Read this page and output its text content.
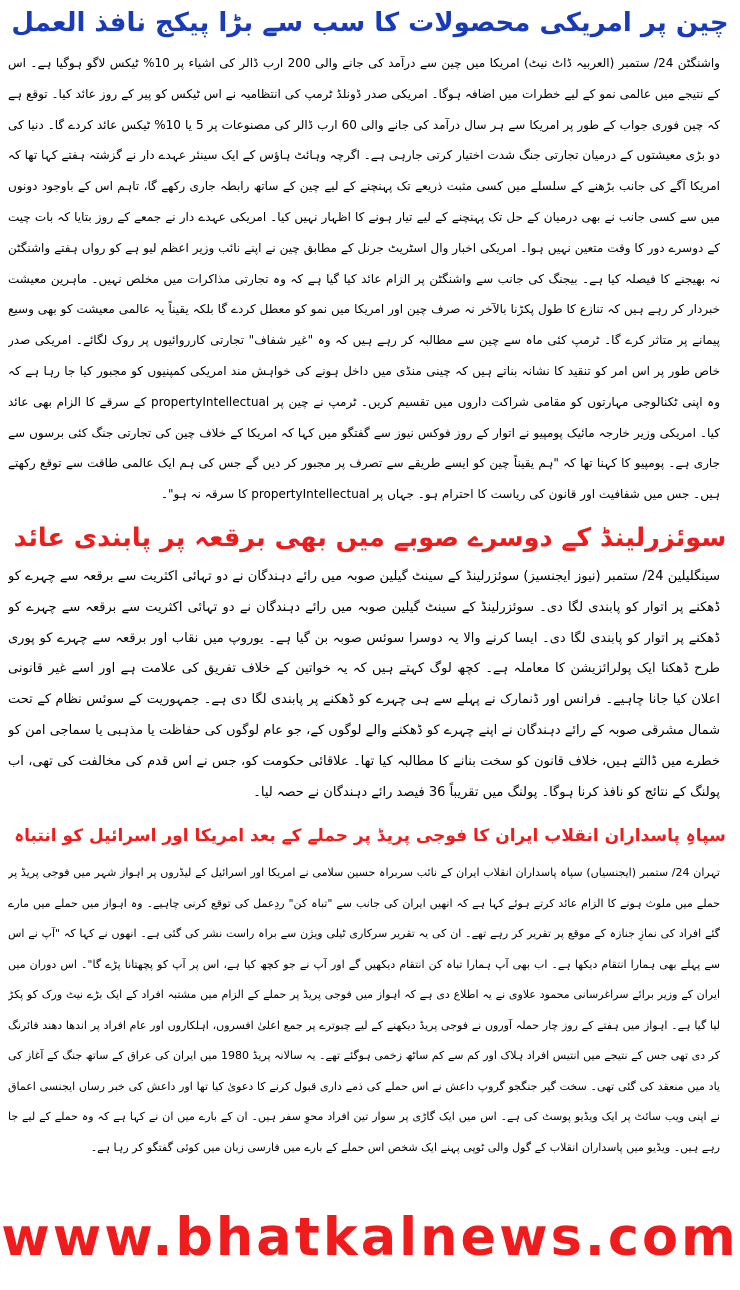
چین پر امریکی محصولات کا سب سے بڑا پیکج نافذ العمل

واشنگٹن 24/ ستمبر (العربیہ ڈاٹ نیٹ) امریکا میں چین سے درآمد کی جانے والی 200 ارب ڈالر کی اشیاء پر 10% ٹیکس لاگو ہوگیا ہے۔ اس کے نتیجے میں عالمی نمو کے لیے خطرات میں اضافہ ہوگا۔ امریکی صدر ڈونلڈ ٹرمپ کی انتظامیہ نے اس ٹیکس کو پیر کے روز عائد کیا۔ توقع ہے کہ چین فوری جواب کے طور پر امریکا سے ہر سال درآمد کی جانے والی 60 ارب ڈالر کی مصنوعات پر 5 یا 10% ٹیکس عائد کردے گا۔ دنیا کی دو بڑی معیشتوں کے درمیان تجارتی جنگ شدت اختیار کرتی جارہی ہے۔ اگرچہ وہائٹ ہاؤس کے ایک سینئر عہدے دار نے گزشتہ ہفتے کہا تھا کہ امریکا آگے کی جانب بڑھنے کے سلسلے میں کسی مثبت ذریعے تک پہنچنے کے لیے چین کے ساتھ رابطہ جاری رکھے گا، تاہم اس کے باوجود دونوں میں سے کسی جانب نے بھی درمیان کے حل تک پہنچنے کے لیے تیار ہونے کا اظہار نہیں کیا۔ امریکی عہدے دار نے جمعے کے روز بتایا کہ بات چیت کے دوسرے دور کا وقت متعین نہیں ہوا۔ امریکی اخبار وال اسٹریٹ جرنل کے مطابق چین نے اپنے نائب وزیر اعظم لیو ہے کو رواں ہفتے واشنگٹن نہ بھیجنے کا فیصلہ کیا ہے۔ بیجنگ کی جانب سے واشنگٹن پر الزام عائد کیا گیا ہے کہ وہ تجارتی مذاکرات میں مخلص نہیں۔ ماہرین معیشت خبردار کر رہے ہیں کہ تنازع کا طول پکڑنا بالآخر نہ صرف چین اور امریکا میں نمو کو معطل کردے گا بلکہ یقیناً یہ عالمی معیشت کو بھی وسیع پیمانے پر متاثر کرے گا۔ ٹرمپ کئی ماہ سے چین سے مطالبہ کر رہے ہیں کہ وہ "غیر شفاف" تجارتی کارروائیوں پر روک لگائے۔ امریکی صدر خاص طور پر اس امر کو تنقید کا نشانہ بناتے ہیں کہ چینی منڈی میں داخل ہونے کی خواہش مند امریکی کمپنیوں کو مجبور کیا جا رہا ہے کہ وہ اپنی ٹکنالوجی مہارتوں کو مقامی شراکت داروں میں تقسیم کریں۔ ٹرمپ نے چین پر propertyIntellectual کے سرقے کا الزام بھی عائد کیا۔ امریکی وزیر خارجہ مائیک پومپیو نے اتوار کے روز فوکس نیوز سے گفتگو میں کہا کہ امریکا کے خلاف چین کی تجارتی جنگ کئی برسوں سے جاری ہے۔ پومپیو کا کہنا تھا کہ "ہم یقیناً چین کو ایسے طریقے سے تصرف پر مجبور کر دیں گے جس کی ہم ایک عالمی طاقت سے توقع رکھتے ہیں۔ جس میں شفافیت اور قانون کی ریاست کا احترام ہو۔ جہاں پر propertyIntellectual کا سرقہ نہ ہو"۔

سوئزرلینڈ کے دوسرے صوبے میں بھی برقعہ پر پابندی عائد

سینگلیلین 24/ ستمبر (نیوز ایجنسیز) سوئزرلینڈ کے سینٹ گیلین صوبہ میں رائے دہندگان نے دو تہائی اکثریت سے برقعہ سے چہرے کو ڈھکنے پر اتوار کو پابندی لگا دی۔ سوئزرلینڈ کے سینٹ گیلین صوبہ میں رائے دہندگان نے دو تہائی اکثریت سے برقعہ سے چہرے کو ڈھکنے پر اتوار کو پابندی لگا دی۔ ایسا کرنے والا یہ دوسرا سوئس صوبہ بن گیا ہے۔ یوروپ میں نقاب اور برقعہ سے چہرے کو پوری طرح ڈھکنا ایک پولرائزیشن کا معاملہ ہے۔ کچھ لوگ کہتے ہیں کہ یہ خواتین کے خلاف تفریق کی علامت ہے اور اسے غیر قانونی اعلان کیا جانا چاہیے۔ فرانس اور ڈنمارک نے پہلے سے ہی چہرے کو ڈھکنے پر پابندی لگا دی ہے۔ جمہوریت کے سوئس نظام کے تحت شمال مشرقی صوبہ کے رائے دہندگان نے اپنے چہرے کو ڈھکنے والے لوگوں کے، جو عام لوگوں کی حفاظت یا مذہبی یا سماجی امن کو خطرے میں ڈالتے ہیں، خلاف قانون کو سخت بنانے کا مطالبہ کیا تھا۔ علاقائی حکومت کو، جس نے اس قدم کی مخالفت کی تھی، اب پولنگ کے نتائج کو نافذ کرنا ہوگا۔ پولنگ میں تقریباً 36 فیصد رائے دہندگان نے حصہ لیا۔

سپاہِ پاسداران انقلاب ایران کا فوجی پریڈ پر حملے کے بعد امریکا اور اسرائیل کو انتباہ

تہران 24/ ستمبر (ایجنسیاں) سپاہ پاسداران انقلاب ایران کے نائب سربراہ حسین سلامی نے امریکا اور اسرائیل کے لیڈروں پر اہواز شہر میں فوجی پریڈ پر حملے میں ملوث ہونے کا الزام عائد کرتے ہوئے کہا ہے کہ انھیں ایران کی جانب سے "تباہ کن" ردِعمل کی توقع کرنی چاہیے۔ وہ اہواز میں حملے میں مارے گئے افراد کی نمازِ جنازہ کے موقع پر تقریر کر رہے تھے۔ ان کی یہ تقریر سرکاری ٹیلی ویژن سے براہ راست نشر کی گئی ہے۔ انھوں نے کہا کہ "آپ نے اس سے پہلے بھی ہمارا انتقام دیکھا ہے۔ اب بھی آپ ہمارا تباہ کن انتقام دیکھیں گے اور آپ نے جو کچھ کیا ہے، اس پر آپ کو پچھتانا پڑے گا"۔ اس دوران میں ایران کے وزیر برائے سراغرسانی محمود علاوی نے یہ اطلاع دی ہے کہ اہواز میں فوجی پریڈ پر حملے کے الزام میں مشتبہ افراد کے ایک بڑے نیٹ ورک کو پکڑ لیا گیا ہے۔ اہواز میں ہفتے کے روز چار حملہ آوروں نے فوجی پریڈ دیکھنے کے لیے چبوترے پر جمع اعلیٰ افسروں، اہلکاروں اور عام افراد پر اندھا دھند فائرنگ کر دی تھی جس کے نتیجے میں انتیس افراد ہلاک اور کم سے کم ساٹھ زخمی ہوگئے تھے۔ یہ سالانہ پریڈ 1980 میں ایران کی عراق کے ساتھ جنگ کے آغاز کی یاد میں منعقد کی گئی تھی۔ سخت گیر جنگجو گروپ داعش نے اس حملے کی ذمے داری قبول کرنے کا دعویٰ کیا تھا اور داعش کی خبر رساں ایجنسی اعماق نے اپنی ویب سائٹ پر ایک ویڈیو پوسٹ کی ہے۔ اس میں ایک گاڑی پر سوار تین افراد محوِ سفر ہیں۔ ان کے بارے میں ان نے کہا ہے کہ وہ حملے کے لیے جا رہے ہیں۔ ویڈیو میں پاسداران انقلاب کے گول والی ٹوپی پہنے ایک شخص اس حملے کے بارے میں فارسی زبان میں کوئی گفتگو کر رہا ہے۔

www.bhatkalnews.com
